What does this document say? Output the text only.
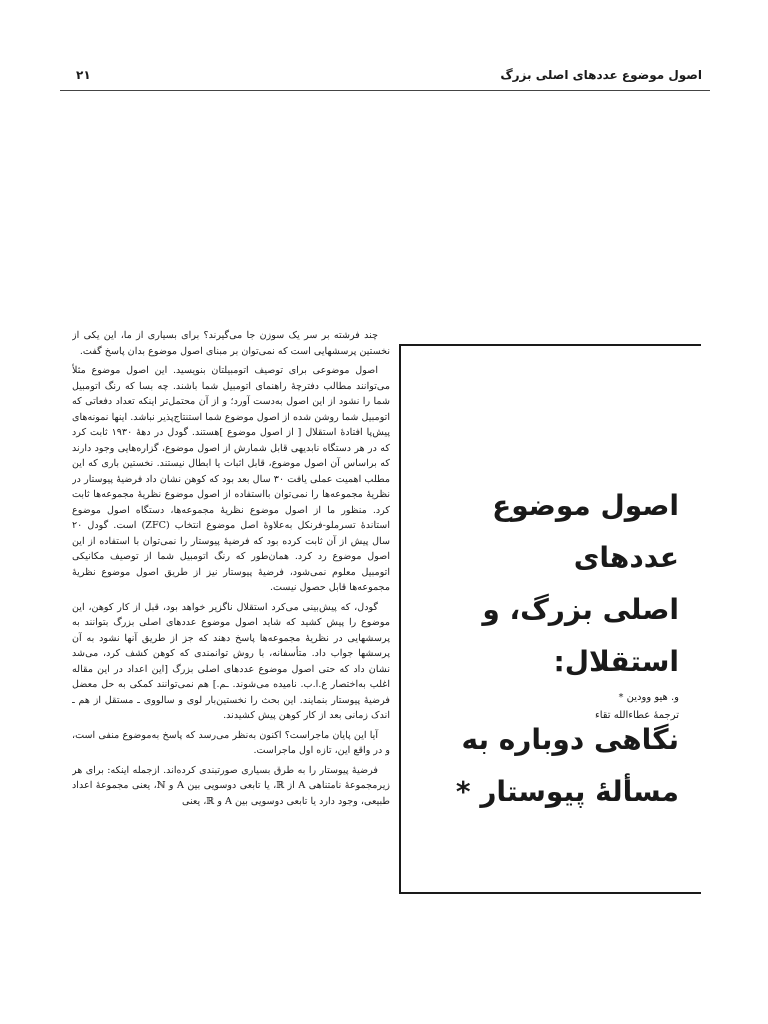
اصول موضوع عددهای اصلی بزرگ
۲۱

چند فرشته بر سر یک سوزن جا می‌گیرند؟ برای بسیاری از ما، این یکی از نخستین پرسشهایی است که نمی‌توان بر مبنای اصول موضوع بدان پاسخ گفت.

اصول موضوعی برای توصیف اتومبیلتان بنویسید. این اصول موضوع مثلاً می‌توانند مطالب دفترچهٔ راهنمای اتومبیل شما باشند. چه بسا که رنگ اتومبیل شما را نشود از این اصول به‌دست آورد؛ و از آن محتمل‌تر اینکه تعداد دفعاتی که اتومبیل شما روشن شده از اصول موضوع شما استنتاج‌پذیر نباشد. اینها نمونه‌های پیش‌پا افتادهٔ استقلال [ از اصول موضوع ]هستند. گودل در دههٔ ۱۹۳۰ ثابت کرد که در هر دستگاه نابدیهی قابل شمارش از اصول موضوع، گزاره‌هایی وجود دارند که براساس آن اصول موضوع، قابل اثبات یا ابطال نیستند. نخستین باری که این مطلب اهمیت عملی یافت ۳۰ سال بعد بود که کوهن نشان داد فرضیهٔ پیوستار در نظریهٔ مجموعه‌ها را نمی‌توان بااستفاده از اصول موضوع نظریهٔ مجموعه‌ها ثابت کرد. منظور ما از اصول موضوع نظریهٔ مجموعه‌ها، دستگاه اصول موضوع استاندهٔ تسرملو-فرنکل به‌علاوهٔ اصل موضوع انتخاب (ZFC) است. گودل ۲۰ سال پیش از آن ثابت کرده بود که فرضیهٔ پیوستار را نمی‌توان با استفاده از این اصول موضوع رد کرد. همان‌طور که رنگ اتومبیل شما از توصیف مکانیکی اتومبیل معلوم نمی‌شود، فرضیهٔ پیوستار نیز از طریق اصول موضوع نظریهٔ مجموعه‌ها قابل حصول نیست.

گودل، که پیش‌بینی می‌کرد استقلال ناگزیر خواهد بود، قبل از کار کوهن، این موضوع را پیش کشید که شاید اصول موضوع عددهای اصلی بزرگ بتوانند به پرسشهایی در نظریهٔ مجموعه‌ها پاسخ دهند که جز از طریق آنها نشود به آن پرسشها جواب داد. متأسفانه، با روش توانمندی که کوهن کشف کرد، می‌شد نشان داد که حتی اصول موضوع عددهای اصلی بزرگ [این اعداد در این مقاله اغلب به‌اختصار ع.ا.ب. نامیده می‌شوند. ـم.] هم نمی‌توانند کمکی به حل معضل فرضیهٔ پیوستار بنمایند. این بحث را نخستین‌بار لوی و سالووی ـ مستقل از هم ـ اندک زمانی بعد از کار کوهن پیش کشیدند.

آیا این پایان ماجراست؟ اکنون به‌نظر می‌رسد که پاسخ به‌موضوع منفی است، و در واقع این، تازه اول ماجراست.

فرضیهٔ پیوستار را به طرق بسیاری صورتبندی کرده‌اند. ازجمله اینکه: برای هر زیرمجموعهٔ نامتناهی A از ℝ، یا تابعی دوسویی بین A و ℕ، یعنی مجموعهٔ اعداد طبیعی، وجود دارد یا تابعی دوسویی بین A و ℝ، یعنی

اصول موضوع عددهای
اصلی بزرگ، و استقلال:
نگاهی دوباره به
مسألهٔ پیوستار *
و. هیو وودین *
ترجمهٔ عطاءالله تقاء
